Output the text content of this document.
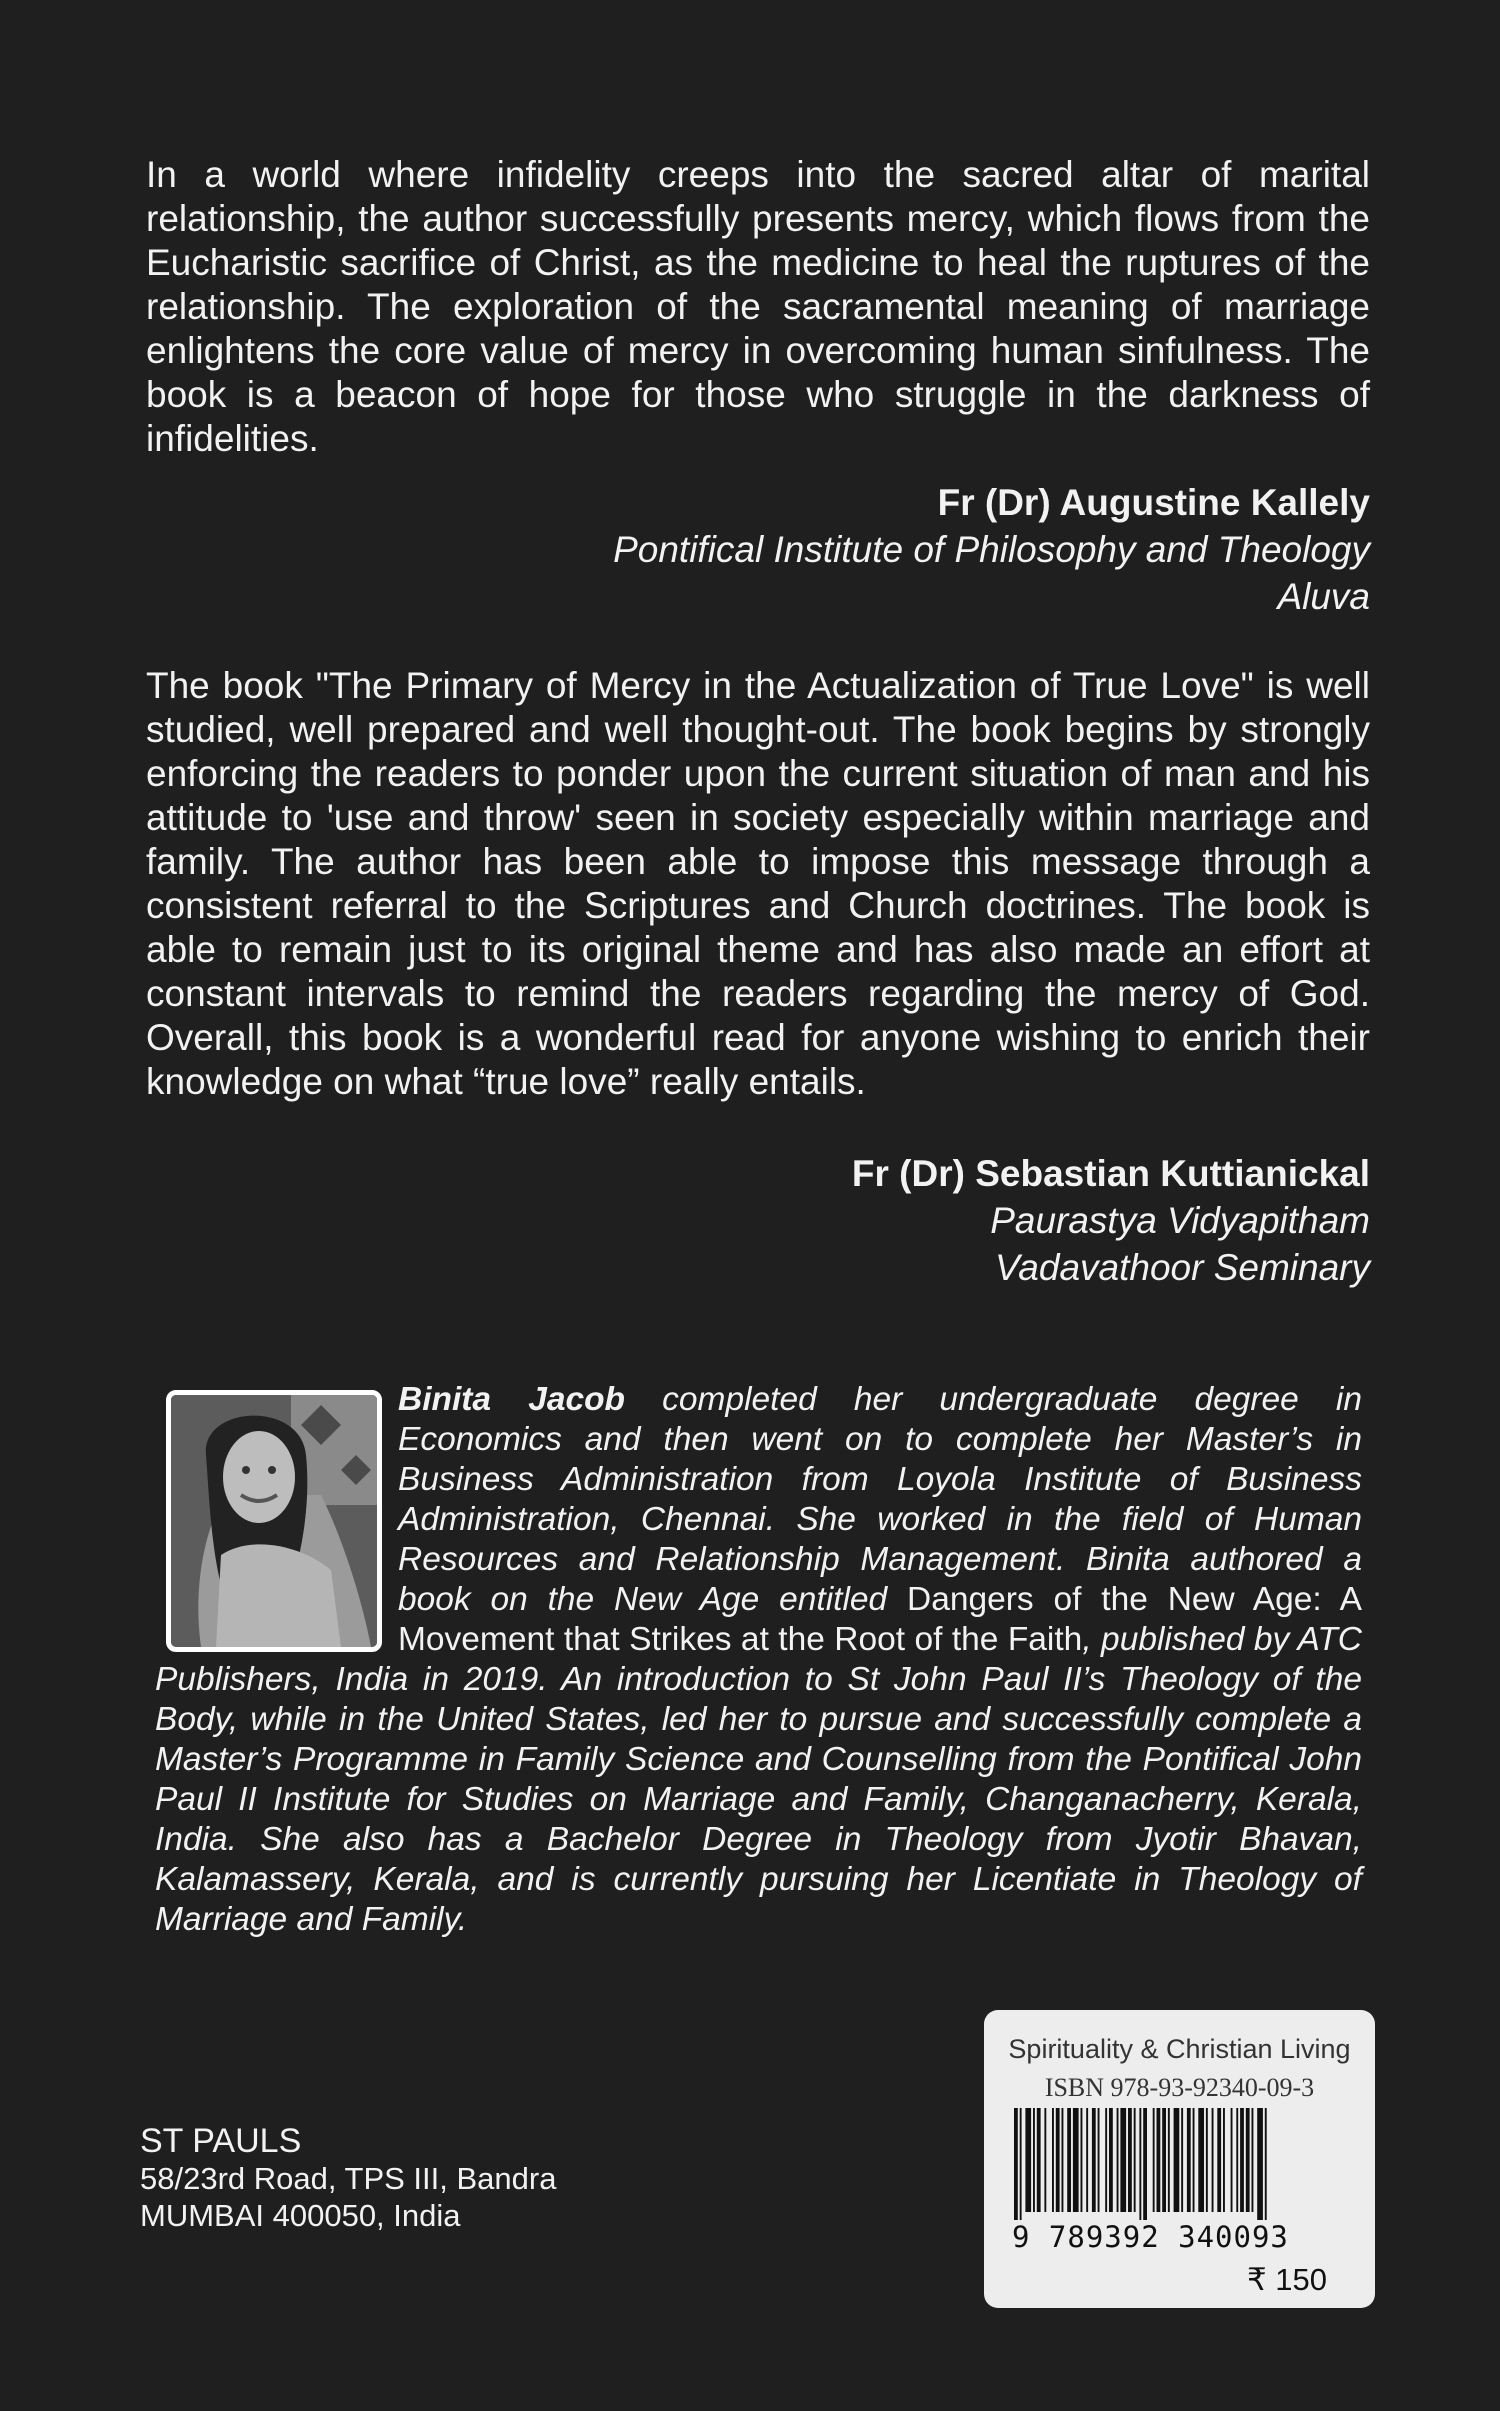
In a world where infidelity creeps into the sacred altar of marital relationship, the author successfully presents mercy, which flows from the Eucharistic sacrifice of Christ, as the medicine to heal the ruptures of the relationship. The exploration of the sacramental meaning of marriage enlightens the core value of mercy in overcoming human sinfulness. The book is a beacon of hope for those who struggle in the darkness of infidelities.

Fr (Dr) Augustine Kallely
Pontifical Institute of Philosophy and Theology
Aluva

The book "The Primary of Mercy in the Actualization of True Love" is well studied, well prepared and well thought-out. The book begins by strongly enforcing the readers to ponder upon the current situation of man and his attitude to 'use and throw' seen in society especially within marriage and family. The author has been able to impose this message through a consistent referral to the Scriptures and Church doctrines. The book is able to remain just to its original theme and has also made an effort at constant intervals to remind the readers regarding the mercy of God. Overall, this book is a wonderful read for anyone wishing to enrich their knowledge on what “true love” really entails.

Fr (Dr) Sebastian Kuttianickal
Paurastya Vidyapitham
Vadavathoor Seminary

Binita Jacob completed her undergraduate degree in Economics and then went on to complete her Master’s in Business Administration from Loyola Institute of Business Administration, Chennai. She worked in the field of Human Resources and Relationship Management. Binita authored a book on the New Age entitled Dangers of the New Age: A Movement that Strikes at the Root of the Faith, published by ATC Publishers, India in 2019. An introduction to St John Paul II’s Theology of the Body, while in the United States, led her to pursue and successfully complete a Master’s Programme in Family Science and Counselling from the Pontifical John Paul II Institute for Studies on Marriage and Family, Changanacherry, Kerala, India. She also has a Bachelor Degree in Theology from Jyotir Bhavan, Kalamassery, Kerala, and is currently pursuing her Licentiate in Theology of Marriage and Family.

ST PAULS
58/23rd Road, TPS III, Bandra
MUMBAI 400050, India
Spirituality & Christian Living
ISBN 978-93-92340-09-3
9 789392 340093
₹ 150
